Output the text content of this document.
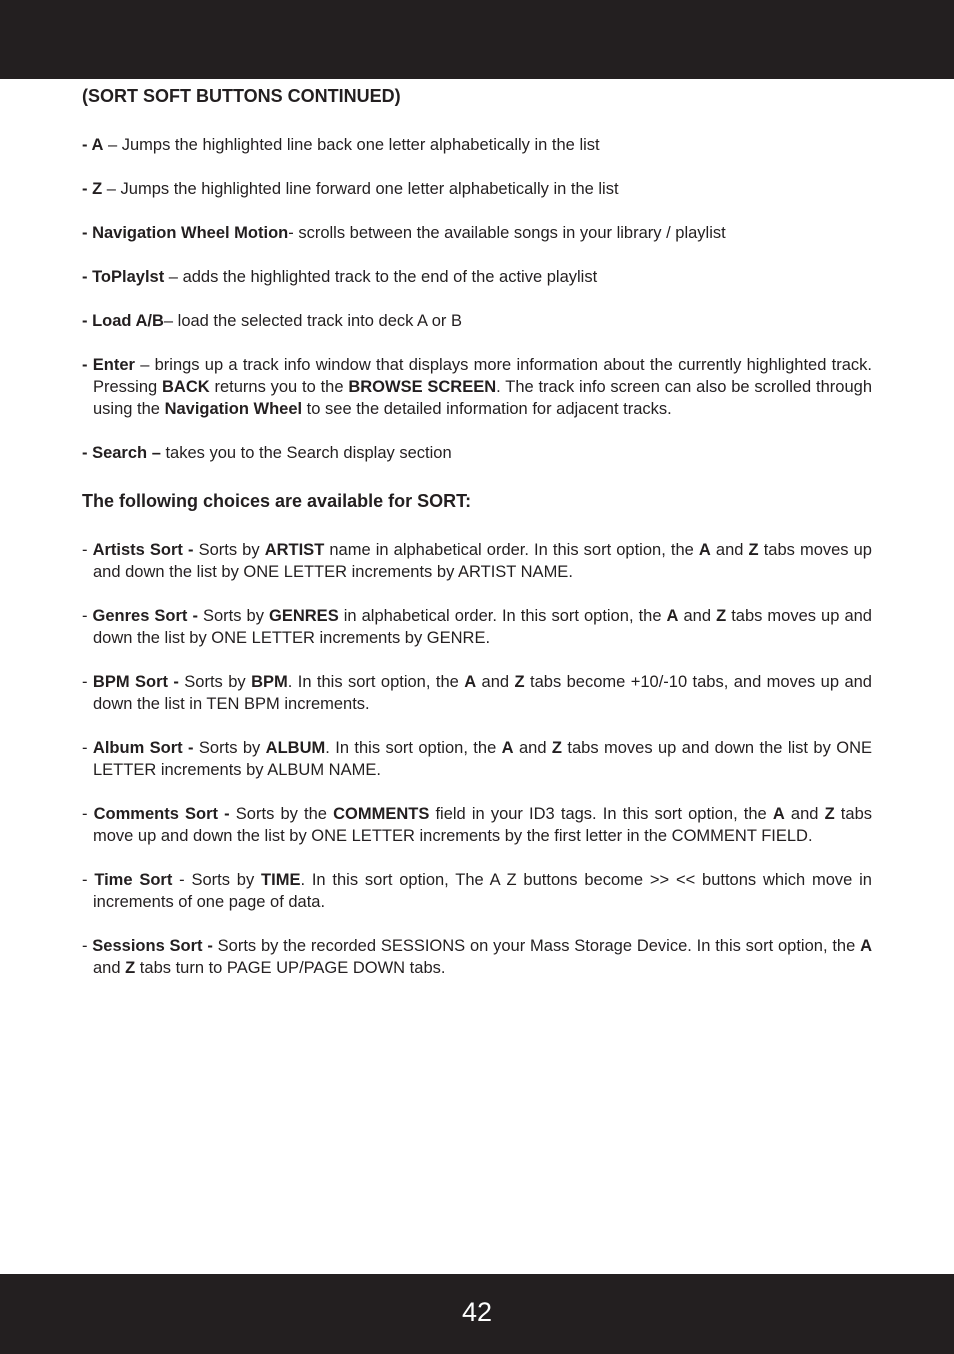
(SORT SOFT BUTTONS CONTINUED)

- A – Jumps the highlighted line back one letter alphabetically in the list

- Z – Jumps the highlighted line forward one letter alphabetically in the list

- Navigation Wheel Motion- scrolls between the available songs in your library / playlist

- ToPlaylst – adds the highlighted track to the end of the active playlist

- Load A/B– load the selected track into deck A or B

- Enter – brings up a track info window that displays more information about the currently highlighted track. Pressing BACK returns you to the BROWSE SCREEN. The track info screen can also be scrolled through using the Navigation Wheel to see the detailed information for adjacent tracks.

- Search – takes you to the Search display section

The following choices are available for SORT:

- Artists Sort - Sorts by ARTIST name in alphabetical order. In this sort option, the A and Z tabs moves up and down the list by ONE LETTER increments by ARTIST NAME.

- Genres Sort - Sorts by GENRES in alphabetical order. In this sort option, the A and Z tabs moves up and down the list by ONE LETTER increments by GENRE.

- BPM Sort - Sorts by BPM. In this sort option, the A and Z tabs become +10/-10 tabs, and moves up and down the list in TEN BPM increments.

- Album Sort - Sorts by ALBUM. In this sort option, the A and Z tabs moves up and down the list by ONE LETTER increments by ALBUM NAME.

- Comments Sort - Sorts by the COMMENTS field in your ID3 tags. In this sort option, the A and Z tabs move up and down the list by ONE LETTER increments by the first letter in the COMMENT FIELD.

- Time Sort - Sorts by TIME. In this sort option, The A Z buttons become >> << buttons which move in increments of one page of data.

- Sessions Sort - Sorts by the recorded SESSIONS on your Mass Storage Device. In this sort option, the A and Z tabs turn to PAGE UP/PAGE DOWN tabs.

42
